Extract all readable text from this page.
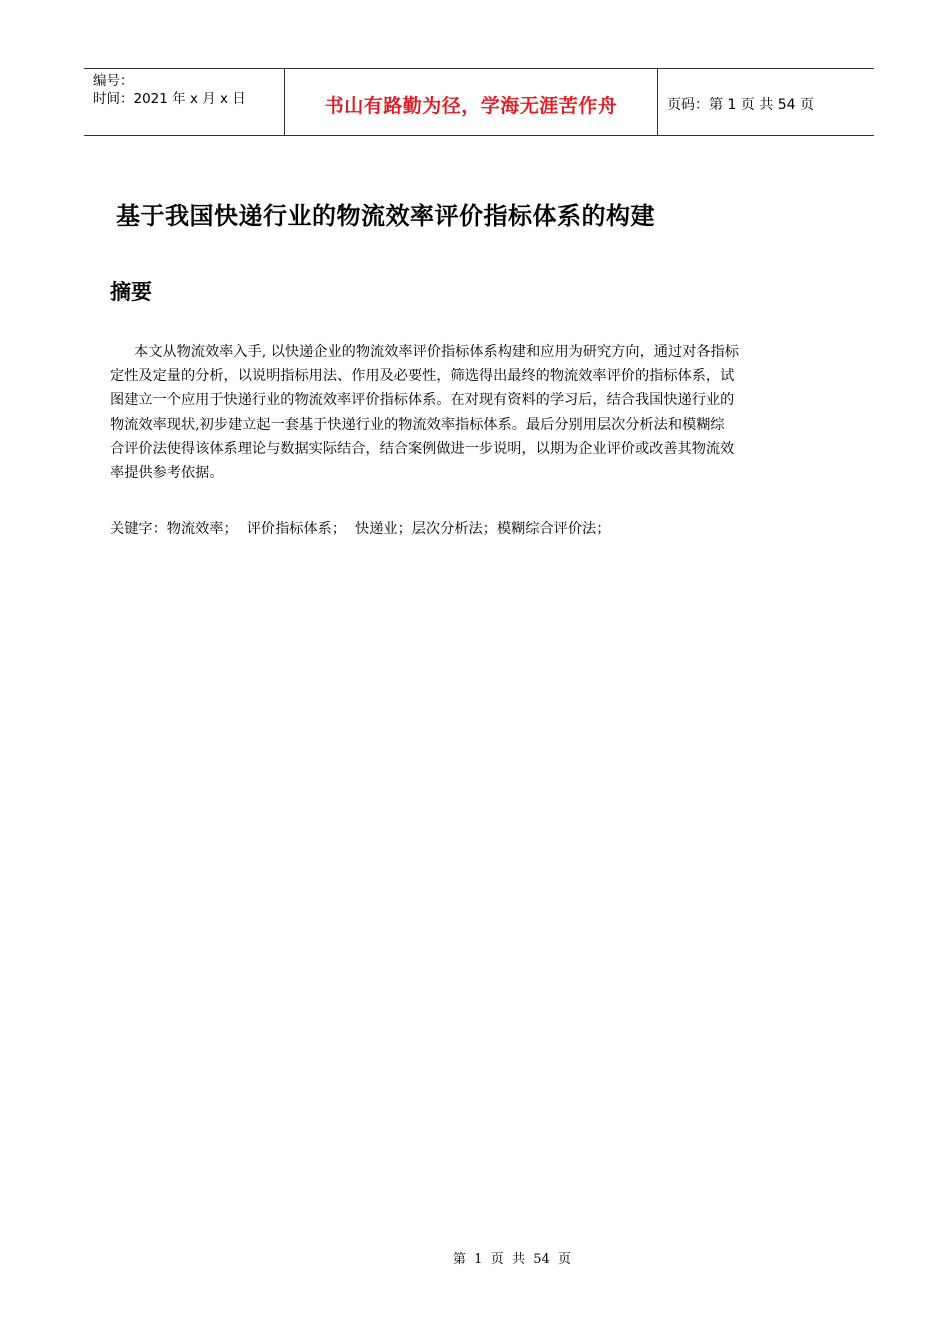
编号：
时间：2021 年 x 月 x 日	书山有路勤为径，学海无涯苦作舟	页码：第 1 页 共 54 页
基于我国快递行业的物流效率评价指标体系的构建
摘要
本文从物流效率入手, 以快递企业的物流效率评价指标体系构建和应用为研究方向，通过对各指标
定性及定量的分析，以说明指标用法、作用及必要性，筛选得出最终的物流效率评价的指标体系，试
图建立一个应用于快递行业的物流效率评价指标体系。在对现有资料的学习后，结合我国快递行业的
物流效率现状,初步建立起一套基于快递行业的物流效率指标体系。最后分别用层次分析法和模糊综
合评价法使得该体系理论与数据实际结合，结合案例做进一步说明，以期为企业评价或改善其物流效
率提供参考依据。
关键字：物流效率；  评价指标体系；  快递业；层次分析法；模糊综合评价法；
第  1  页  共  54  页
